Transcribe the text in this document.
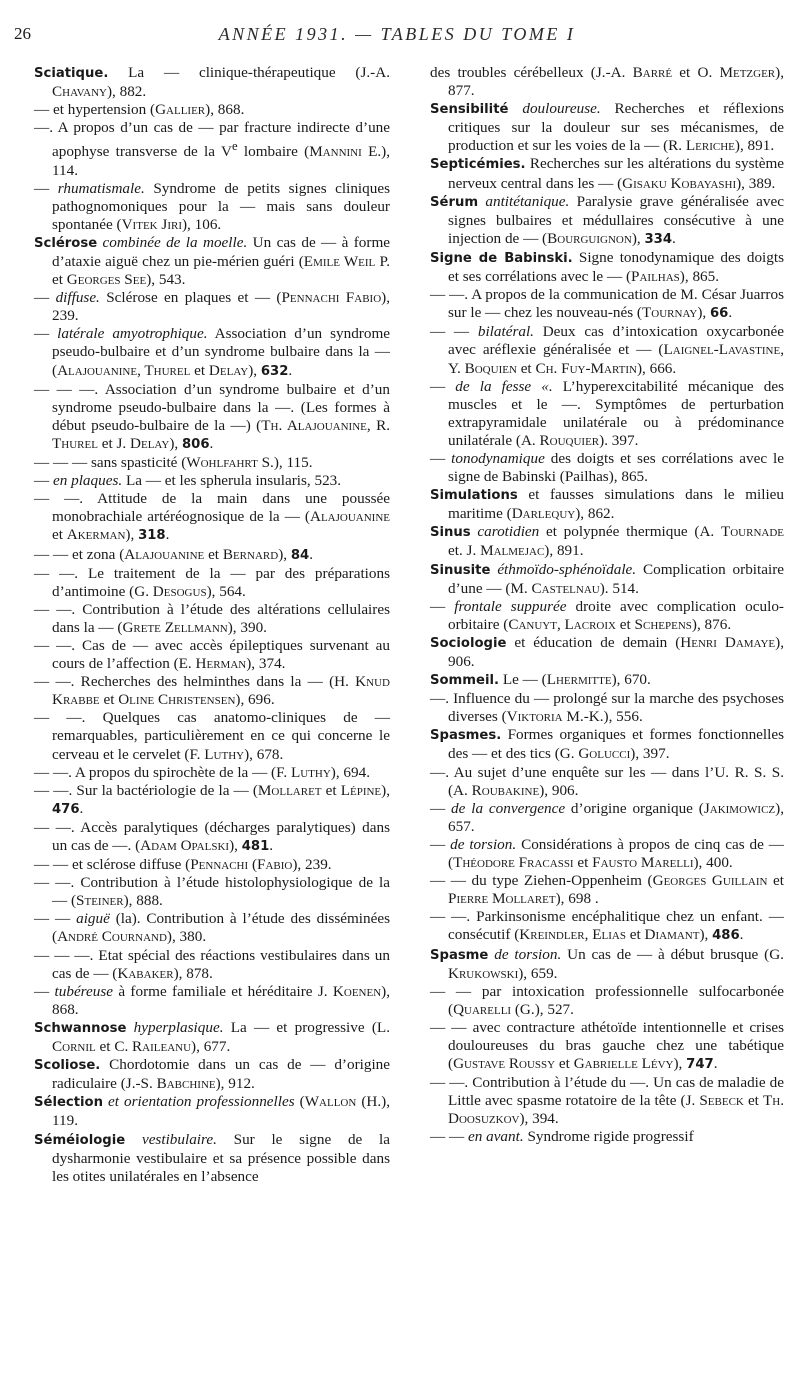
26	ANNÉE 1931. — TABLES DU TOME I

Sciatique. La — clinique-thérapeutique (J.-A. Chavany), 882.

— et hypertension (Gallier), 868.

—. A propos d’un cas de — par fracture indirecte d’une apophyse transverse de la Ve lombaire (Mannini E.), 114.

— rhumatismale. Syndrome de petits signes cliniques pathognomoniques pour la — mais sans douleur spontanée (Vitek Jiri), 106.

Sclérose combinée de la moelle. Un cas de — à forme d’ataxie aiguë chez un pie-mérien guéri (Emile Weil P. et Georges See), 543.

— diffuse. Sclérose en plaques et — (Pennachi Fabio), 239.

— latérale amyotrophique. Association d’un syndrome pseudo-bulbaire et d’un syndrome bulbaire dans la — (Alajouanine, Thurel et Delay), 632.

— — —. Association d’un syndrome bulbaire et d’un syndrome pseudo-bulbaire dans la —. (Les formes à début pseudo-bulbaire de la —) (Th. Alajouanine, R. Thurel et J. Delay), 806.

— — — sans spasticité (Wohlfahrt S.), 115.

— en plaques. La — et les spherula insularis, 523.

— —. Attitude de la main dans une poussée monobrachiale artéréognosique de la — (Alajouanine et Akerman), 318.

— — et zona (Alajouanine et Bernard), 84.

— —. Le traitement de la — par des préparations d’antimoine (G. Desogus), 564.

— —. Contribution à l’étude des altérations cellulaires dans la — (Grete Zellmann), 390.

— —. Cas de — avec accès épileptiques survenant au cours de l’affection (E. Herman), 374.

— —. Recherches des helminthes dans la — (H. Knud Krabbe et Oline Christensen), 696.

— —. Quelques cas anatomo-cliniques de — remarquables, particulièrement en ce qui concerne le cerveau et le cervelet (F. Luthy), 678.

— —. A propos du spirochète de la — (F. Luthy), 694.

— —. Sur la bactériologie de la — (Mollaret et Lépine), 476.

— —. Accès paralytiques (décharges paralytiques) dans un cas de —. (Adam Opalski), 481.

— — et sclérose diffuse (Pennachi (Fabio), 239.

— —. Contribution à l’étude histolophysiologique de la — (Steiner), 888.

— — aiguë (la). Contribution à l’étude des disséminées (André Cournand), 380.

— — —. Etat spécial des réactions vestibulaires dans un cas de — (Kabaker), 878.

— tubéreuse à forme familiale et héréditaire J. Koenen), 868.

Schwannose hyperplasique. La — et progressive (L. Cornil et C. Raileanu), 677.

Scoliose. Chordotomie dans un cas de — d’origine radiculaire (J.-S. Babchine), 912.

Sélection et orientation professionnelles (Wallon (H.), 119.

Séméiologie vestibulaire. Sur le signe de la dysharmonie vestibulaire et sa présence possible dans les otites unilatérales en l’absence

des troubles cérébelleux (J.-A. Barré et O. Metzger), 877.

Sensibilité douloureuse. Recherches et réflexions critiques sur la douleur sur ses mécanismes, de production et sur les voies de la — (R. Leriche), 891.

Septicémies. Recherches sur les altérations du système nerveux central dans les — (Gisaku Kobayashi), 389.

Sérum antitétanique. Paralysie grave généralisée avec signes bulbaires et médullaires consécutive à une injection de — (Bourguignon), 334.

Signe de Babinski. Signe tonodynamique des doigts et ses corrélations avec le — (Pailhas), 865.

— —. A propos de la communication de M. César Juarros sur le — chez les nouveau-nés (Tournay), 66.

— — bilatéral. Deux cas d’intoxication oxycarbonée avec aréflexie généralisée et — (Laignel-Lavastine, Y. Boquien et Ch. Fuy-Martin), 666.

— de la fesse «. L’hyperexcitabilité mécanique des muscles et le —. Symptômes de perturbation extrapyramidale unilatérale ou à prédominance unilatérale (A. Rouquier). 397.

— tonodynamique des doigts et ses corrélations avec le signe de Babinski (Pailhas), 865.

Simulations et fausses simulations dans le milieu maritime (Darlequy), 862.

Sinus carotidien et polypnée thermique (A. Tournade et. J. Malmejac), 891.

Sinusite éthmoïdo-sphénoïdale. Complication orbitaire d’une — (M. Castelnau). 514.

— frontale suppurée droite avec complication oculo-orbitaire (Canuyt, Lacroix et Schepens), 876.

Sociologie et éducation de demain (Henri Damaye), 906.

Sommeil. Le — (Lhermitte), 670.

—. Influence du — prolongé sur la marche des psychoses diverses (Viktoria M.-K.), 556.

Spasmes. Formes organiques et formes fonctionnelles des — et des tics (G. Golucci), 397.

—. Au sujet d’une enquête sur les — dans l’U. R. S. S. (A. Roubakine), 906.

— de la convergence d’origine organique (Jakimowicz), 657.

— de torsion. Considérations à propos de cinq cas de — (Théodore Fracassi et Fausto Marelli), 400.

— — du type Ziehen-Oppenheim (Georges Guillain et Pierre Mollaret), 698 .

— —. Parkinsonisme encéphalitique chez un enfant. — consécutif (Kreindler, Elias et Diamant), 486.

Spasme de torsion. Un cas de — à début brusque (G. Krukowski), 659.

— — par intoxication professionnelle sulfocarbonée (Quarelli (G.), 527.

— — avec contracture athétoïde intentionnelle et crises douloureuses du bras gauche chez une tabétique (Gustave Roussy et Gabrielle Lévy), 747.

— —. Contribution à l’étude du —. Un cas de maladie de Little avec spasme rotatoire de la tête (J. Sebeck et Th. Doosuzkov), 394.

— — en avant. Syndrome rigide progressif
